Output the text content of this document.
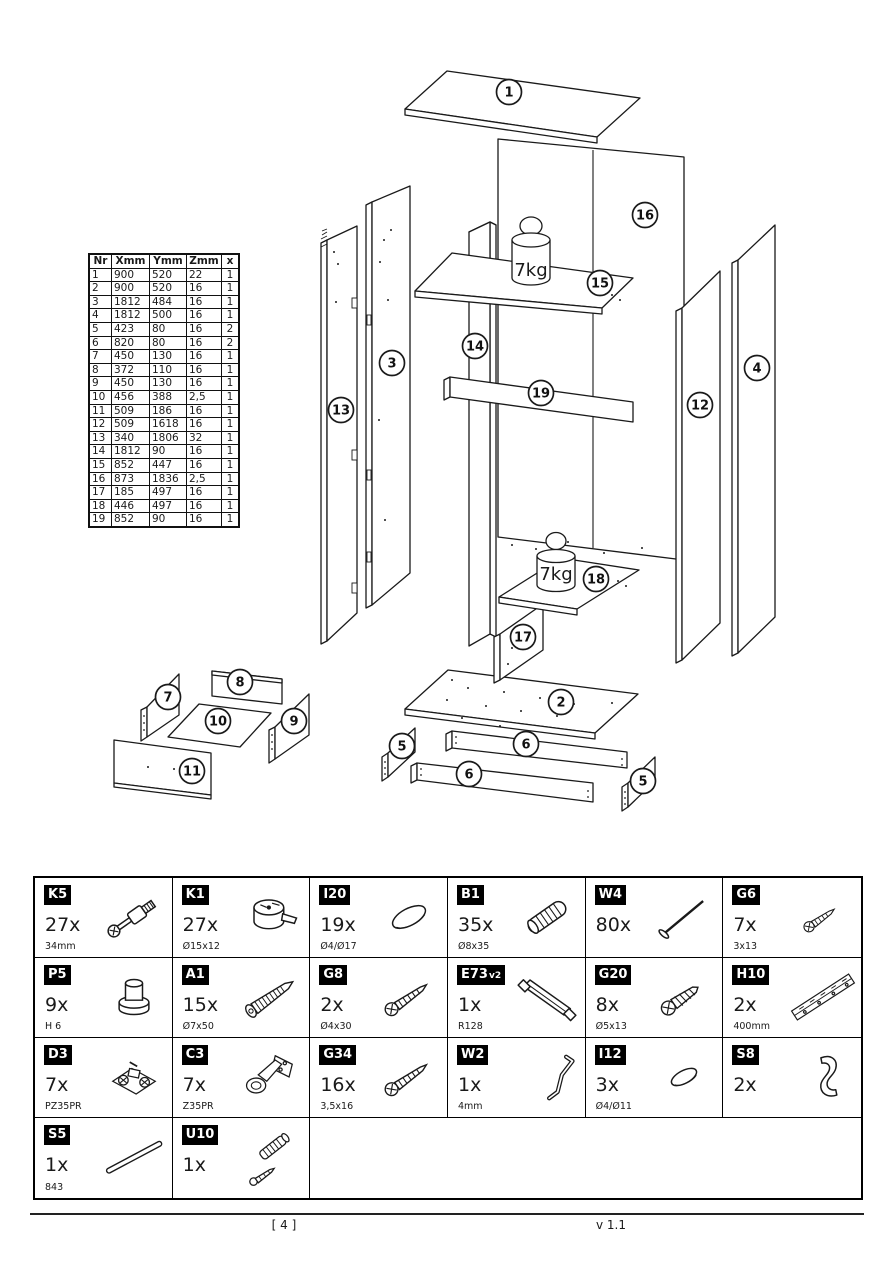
1
16
13
3
14
15
19
12
4
18
17
2
5	6
6	5
7
8
10	9
11
7kg
7kg
Nr	Xmm	Ymm	Zmm	x
1	900	520	22	1
2	900	520	16	1
3	1812	484	16	1
4	1812	500	16	1
5	423	80	16	2
6	820	80	16	2
7	450	130	16	1
8	372	110	16	1
9	450	130	16	1
10	456	388	2,5	1
11	509	186	16	1
12	509	1618	16	1
13	340	1806	32	1
14	1812	90	16	1
15	852	447	16	1
16	873	1836	2,5	1
17	185	497	16	1
18	446	497	16	1
19	852	90	16	1
K5
27x
34mm
K1
27x
Ø15x12
I20
19x
Ø4/Ø17
B1
35x
Ø8x35
W4
80x
G6
7x
3x13
P5
9x
H 6
A1
15x
Ø7x50
G8
2x
Ø4x30
E73v2
1x
R128
G20
8x
Ø5x13
H10
2x
400mm
D3
7x
PZ35PR
C3
7x
Z35PR
G34
16x
3,5x16
W2
1x
4mm
I12
3x
Ø4/Ø11
S8
2x
S5
1x
843
U10
1x
[ 4 ]	v 1.1
